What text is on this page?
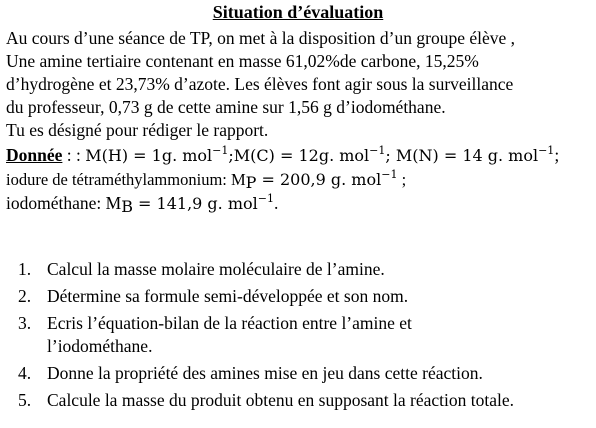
Situation d’évaluation
Au cours d’une séance de TP, on met à la disposition d’un groupe élève ,
Une amine tertiaire contenant en masse 61,02%de carbone, 15,25%
d’hydrogène et 23,73% d’azote. Les élèves font agir sous la surveillance
du professeur, 0,73 g de cette amine sur 1,56 g d’iodométhane.
Tu es désigné pour rédiger le rapport.
Donnée : : M(H) = 1g. mol$^{-1}$;M(C) = 12g. mol$^{-1}$; M(N) = 14 g. mol$^{-1}$;
iodure de tétraméthylammonium: $M_P = 200,9$ g. mol$^{-1}$ ;
iodométhane: $M_B = 141,9$ g. mol$^{-1}$.
1. Calcul la masse molaire moléculaire de l’amine.
2. Détermine sa formule semi-développée et son nom.
3. Ecris l’équation-bilan de la réaction entre l’amine et
l’iodométhane.
4. Donne la propriété des amines mise en jeu dans cette réaction.
5. Calcule la masse du produit obtenu en supposant la réaction totale.
